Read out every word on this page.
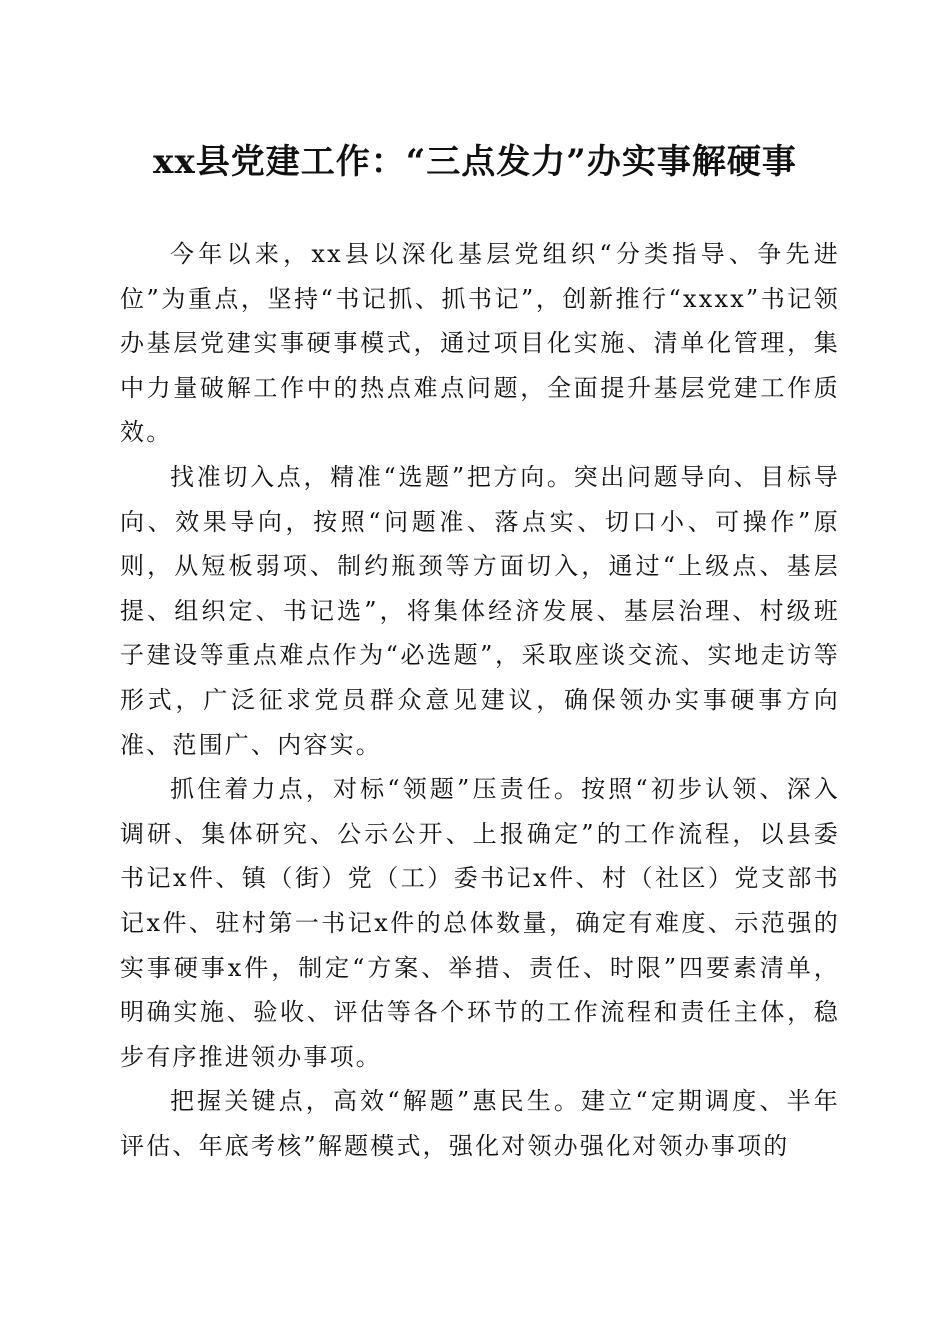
xx县党建工作：“三点发力”办实事解硬事

今年以来，xx县以深化基层党组织“分类指导、争先进位”为重点，坚持“书记抓、抓书记”，创新推行“xxxx”书记领办基层党建实事硬事模式，通过项目化实施、清单化管理，集中力量破解工作中的热点难点问题，全面提升基层党建工作质效。

找准切入点，精准“选题”把方向。突出问题导向、目标导向、效果导向，按照“问题准、落点实、切口小、可操作”原则，从短板弱项、制约瓶颈等方面切入，通过“上级点、基层提、组织定、书记选”，将集体经济发展、基层治理、村级班子建设等重点难点作为“必选题”，采取座谈交流、实地走访等形式，广泛征求党员群众意见建议，确保领办实事硬事方向准、范围广、内容实。

抓住着力点，对标“领题”压责任。按照“初步认领、深入调研、集体研究、公示公开、上报确定”的工作流程，以县委书记x件、镇（街）党（工）委书记x件、村（社区）党支部书记x件、驻村第一书记x件的总体数量，确定有难度、示范强的实事硬事x件，制定“方案、举措、责任、时限”四要素清单，明确实施、验收、评估等各个环节的工作流程和责任主体，稳步有序推进领办事项。

把握关键点，高效“解题”惠民生。建立“定期调度、半年评估、年底考核”解题模式，强化对领办强化对领办事项的
